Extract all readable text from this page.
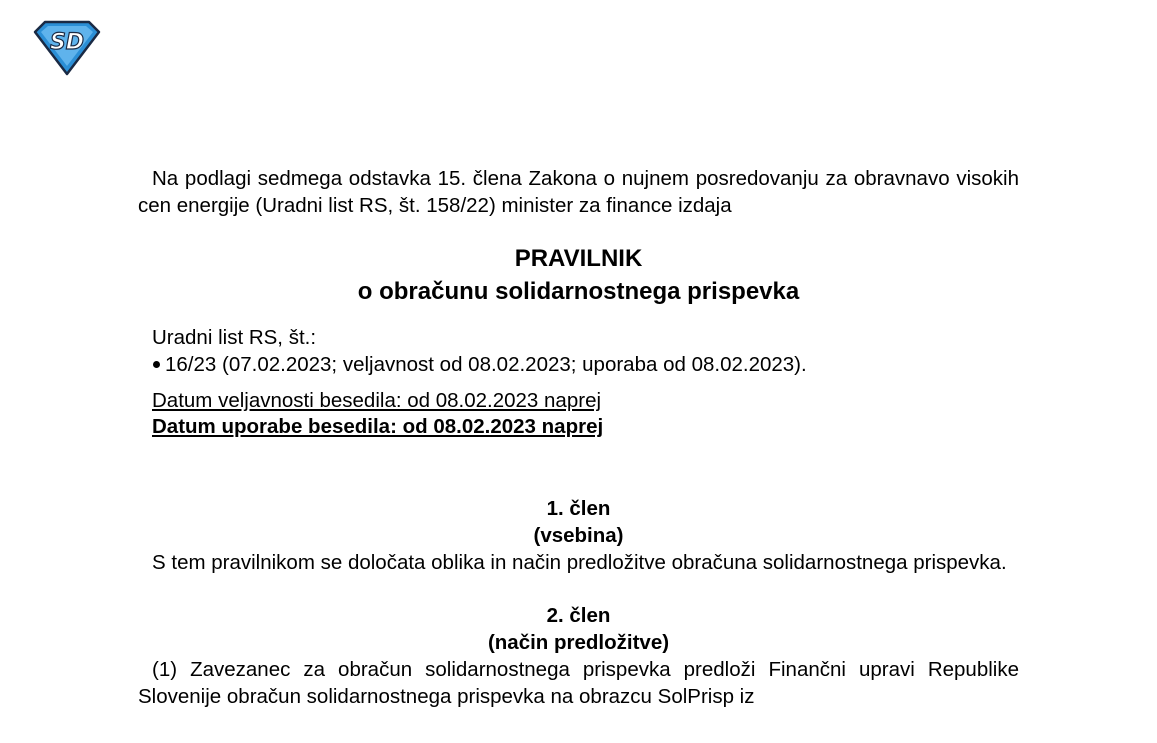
SD

Na podlagi sedmega odstavka 15. člena Zakona o nujnem posredovanju za obravnavo visokih cen energije (Uradni list RS, št. 158/22) minister za finance izdaja

PRAVILNIK
o obračunu solidarnostnega prispevka
Uradni list RS, št.:
16/23 (07.02.2023; veljavnost od 08.02.2023; uporaba od 08.02.2023).
Datum veljavnosti besedila: od 08.02.2023 naprej
Datum uporabe besedila: od 08.02.2023 naprej
1. člen
(vsebina)

S tem pravilnikom se določata oblika in način predložitve obračuna solidarnostnega prispevka.

2. člen
(način predložitve)

(1) Zavezanec za obračun solidarnostnega prispevka predloži Finančni upravi Republike Slovenije obračun solidarnostnega prispevka na obrazcu SolPrisp iz
